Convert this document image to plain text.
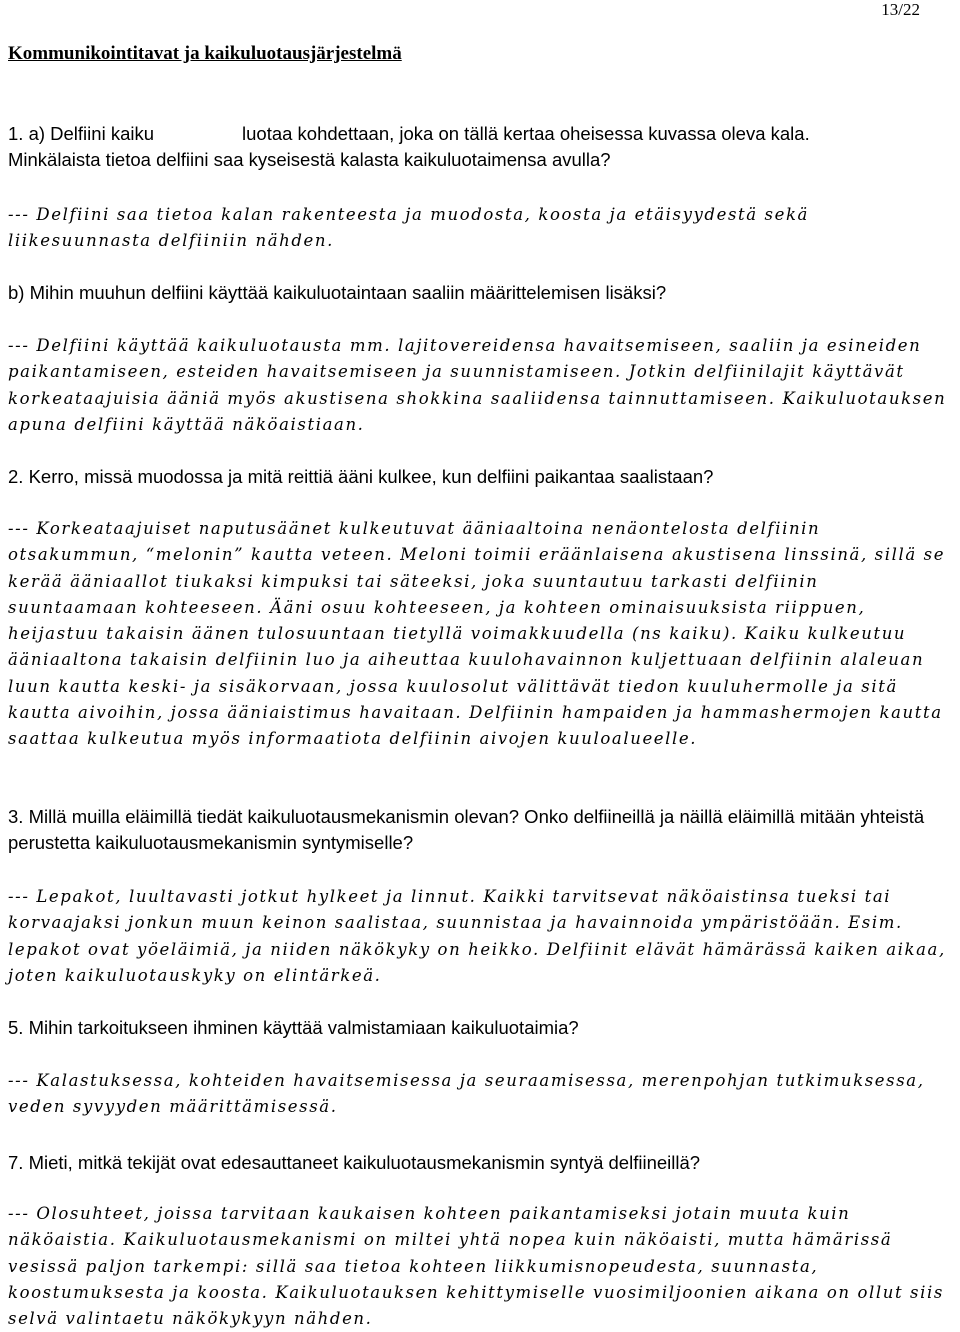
13/22
Kommunikointitavat ja kaikuluotausjärjestelmä

1. a) Delfiini kaiku	luotaa kohdettaan, joka on tällä kertaa oheisessa kuvassa oleva kala.
Minkälaista tietoa delfiini saa kyseisestä kalasta kaikuluotaimensa avulla?

--- Delfiini saa tietoa kalan rakenteesta ja muodosta, koosta ja etäisyydestä sekä liikesuunnasta delfiiniin nähden.

b) Mihin muuhun delfiini käyttää kaikuluotaintaan saaliin määrittelemisen lisäksi?

--- Delfiini käyttää kaikuluotausta mm. lajitovereidensa havaitsemiseen, saaliin ja esineiden paikantamiseen, esteiden havaitsemiseen ja suunnistamiseen. Jotkin delfiinilajit käyttävät korkeataajuisia ääniä myös akustisena shokkina saaliidensa tainnuttamiseen. Kaikuluotauksen apuna delfiini käyttää näköaistiaan.

2. Kerro, missä muodossa ja mitä reittiä ääni kulkee, kun delfiini paikantaa saalistaan?

--- Korkeataajuiset naputusäänet kulkeutuvat ääniaaltoina nenäontelosta delfiinin otsakummun, “melonin” kautta veteen. Meloni toimii eräänlaisena akustisena linssinä, sillä se kerää ääniaallot tiukaksi kimpuksi tai säteeksi, joka suuntautuu tarkasti delfiinin suuntaamaan kohteeseen. Ääni osuu kohteeseen, ja kohteen ominaisuuksista riippuen, heijastuu takaisin äänen tulosuuntaan tietyllä voimakkuudella (ns kaiku). Kaiku kulkeutuu ääniaaltona takaisin delfiinin luo ja aiheuttaa kuulohavainnon kuljettuaan delfiinin alaleuan luun kautta keski- ja sisäkorvaan, jossa kuulosolut välittävät tiedon kuuluhermolle ja sitä kautta aivoihin, jossa ääniaistimus havaitaan. Delfiinin hampaiden ja hammashermojen kautta saattaa kulkeutua myös informaatiota delfiinin aivojen kuuloalueelle.

3. Millä muilla eläimillä tiedät kaikuluotausmekanismin olevan? Onko delfiineillä ja näillä eläimillä mitään yhteistä perustetta kaikuluotausmekanismin syntymiselle?

--- Lepakot, luultavasti jotkut hylkeet ja linnut. Kaikki tarvitsevat näköaistinsa tueksi tai korvaajaksi jonkun muun keinon saalistaa, suunnistaa ja havainnoida ympäristöään. Esim. lepakot ovat yöeläimiä, ja niiden näkökyky on heikko. Delfiinit elävät hämärässä kaiken aikaa, joten kaikuluotauskyky on elintärkeä.

5. Mihin tarkoitukseen ihminen käyttää valmistamiaan kaikuluotaimia?

--- Kalastuksessa, kohteiden havaitsemisessa ja seuraamisessa, merenpohjan tutkimuksessa, veden syvyyden määrittämisessä.

7. Mieti, mitkä tekijät ovat edesauttaneet kaikuluotausmekanismin syntyä delfiineillä?

--- Olosuhteet, joissa tarvitaan kaukaisen kohteen paikantamiseksi jotain muuta kuin näköaistia. Kaikuluotausmekanismi on miltei yhtä nopea kuin näköaisti, mutta hämärissä vesissä paljon tarkempi: sillä saa tietoa kohteen liikkumisnopeudesta, suunnasta, koostumuksesta ja koosta. Kaikuluotauksen kehittymiselle vuosimiljoonien aikana on ollut siis selvä valintaetu näkökykyyn nähden.
